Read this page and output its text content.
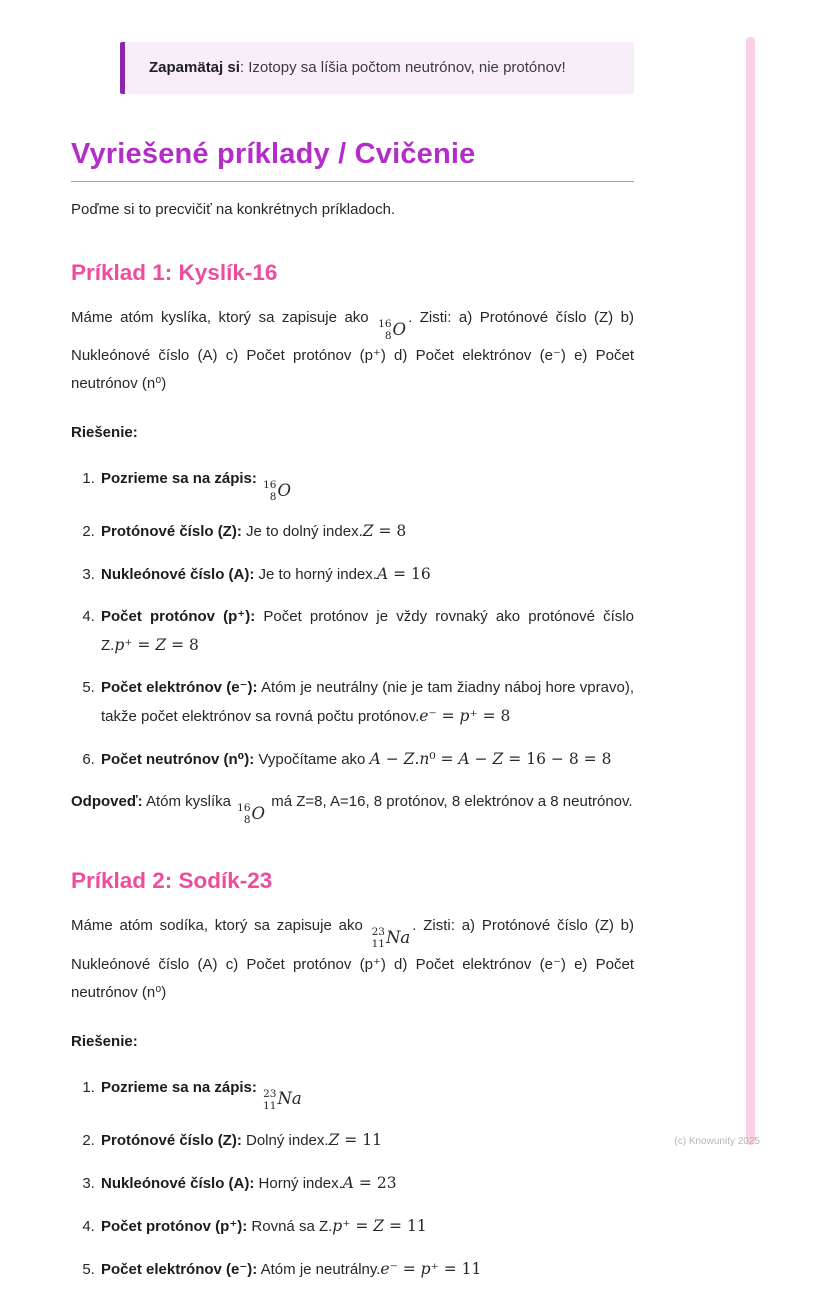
Zapamätaj si: Izotopy sa líšia počtom neutrónov, nie protónov!

Vyriešené príklady / Cvičenie

Poďme si to precvičiť na konkrétnych príkladoch.

Príklad 1: Kyslík-16

Máme atóm kyslíka, ktorý sa zapisuje ako 16
8 O
. Zisti: a) Protónové číslo (Z) b) Nukleónové číslo (A) c) Počet protónov (p⁺) d) Počet elektrónov (e⁻) e) Počet neutrónov (n⁰)

Riešenie:

1. Pozrieme sa na zápis: 16
8 O
2. Protónové číslo (Z): Je to dolný index.Z = 8
3. Nukleónové číslo (A): Je to horný index.A = 16
4. Počet protónov (p⁺): Počet protónov je vždy rovnaký ako protónové číslo Z.p⁺ = Z = 8
5. Počet elektrónov (e⁻): Atóm je neutrálny (nie je tam žiadny náboj hore vpravo), takže počet elektrónov sa rovná počtu protónov.e⁻ = p⁺ = 8
6. Počet neutrónov (n⁰): Vypočítame ako A − Z.n⁰ = A − Z = 16 − 8 = 8

Odpoveď: Atóm kyslíka 16
8 O
má Z=8, A=16, 8 protónov, 8 elektrónov a 8 neutrónov.

Príklad 2: Sodík-23

Máme atóm sodíka, ktorý sa zapisuje ako 23
11 Na
. Zisti: a) Protónové číslo (Z) b) Nukleónové číslo (A) c) Počet protónov (p⁺) d) Počet elektrónov (e⁻) e) Počet neutrónov (n⁰)

Riešenie:

1. Pozrieme sa na zápis: 23
11 Na
2. Protónové číslo (Z): Dolný index.Z = 11
3. Nukleónové číslo (A): Horný index.A = 23
4. Počet protónov (p⁺): Rovná sa Z.p⁺ = Z = 11
5. Počet elektrónov (e⁻): Atóm je neutrálny.e⁻ = p⁺ = 11
(c) Knowunity 2025
